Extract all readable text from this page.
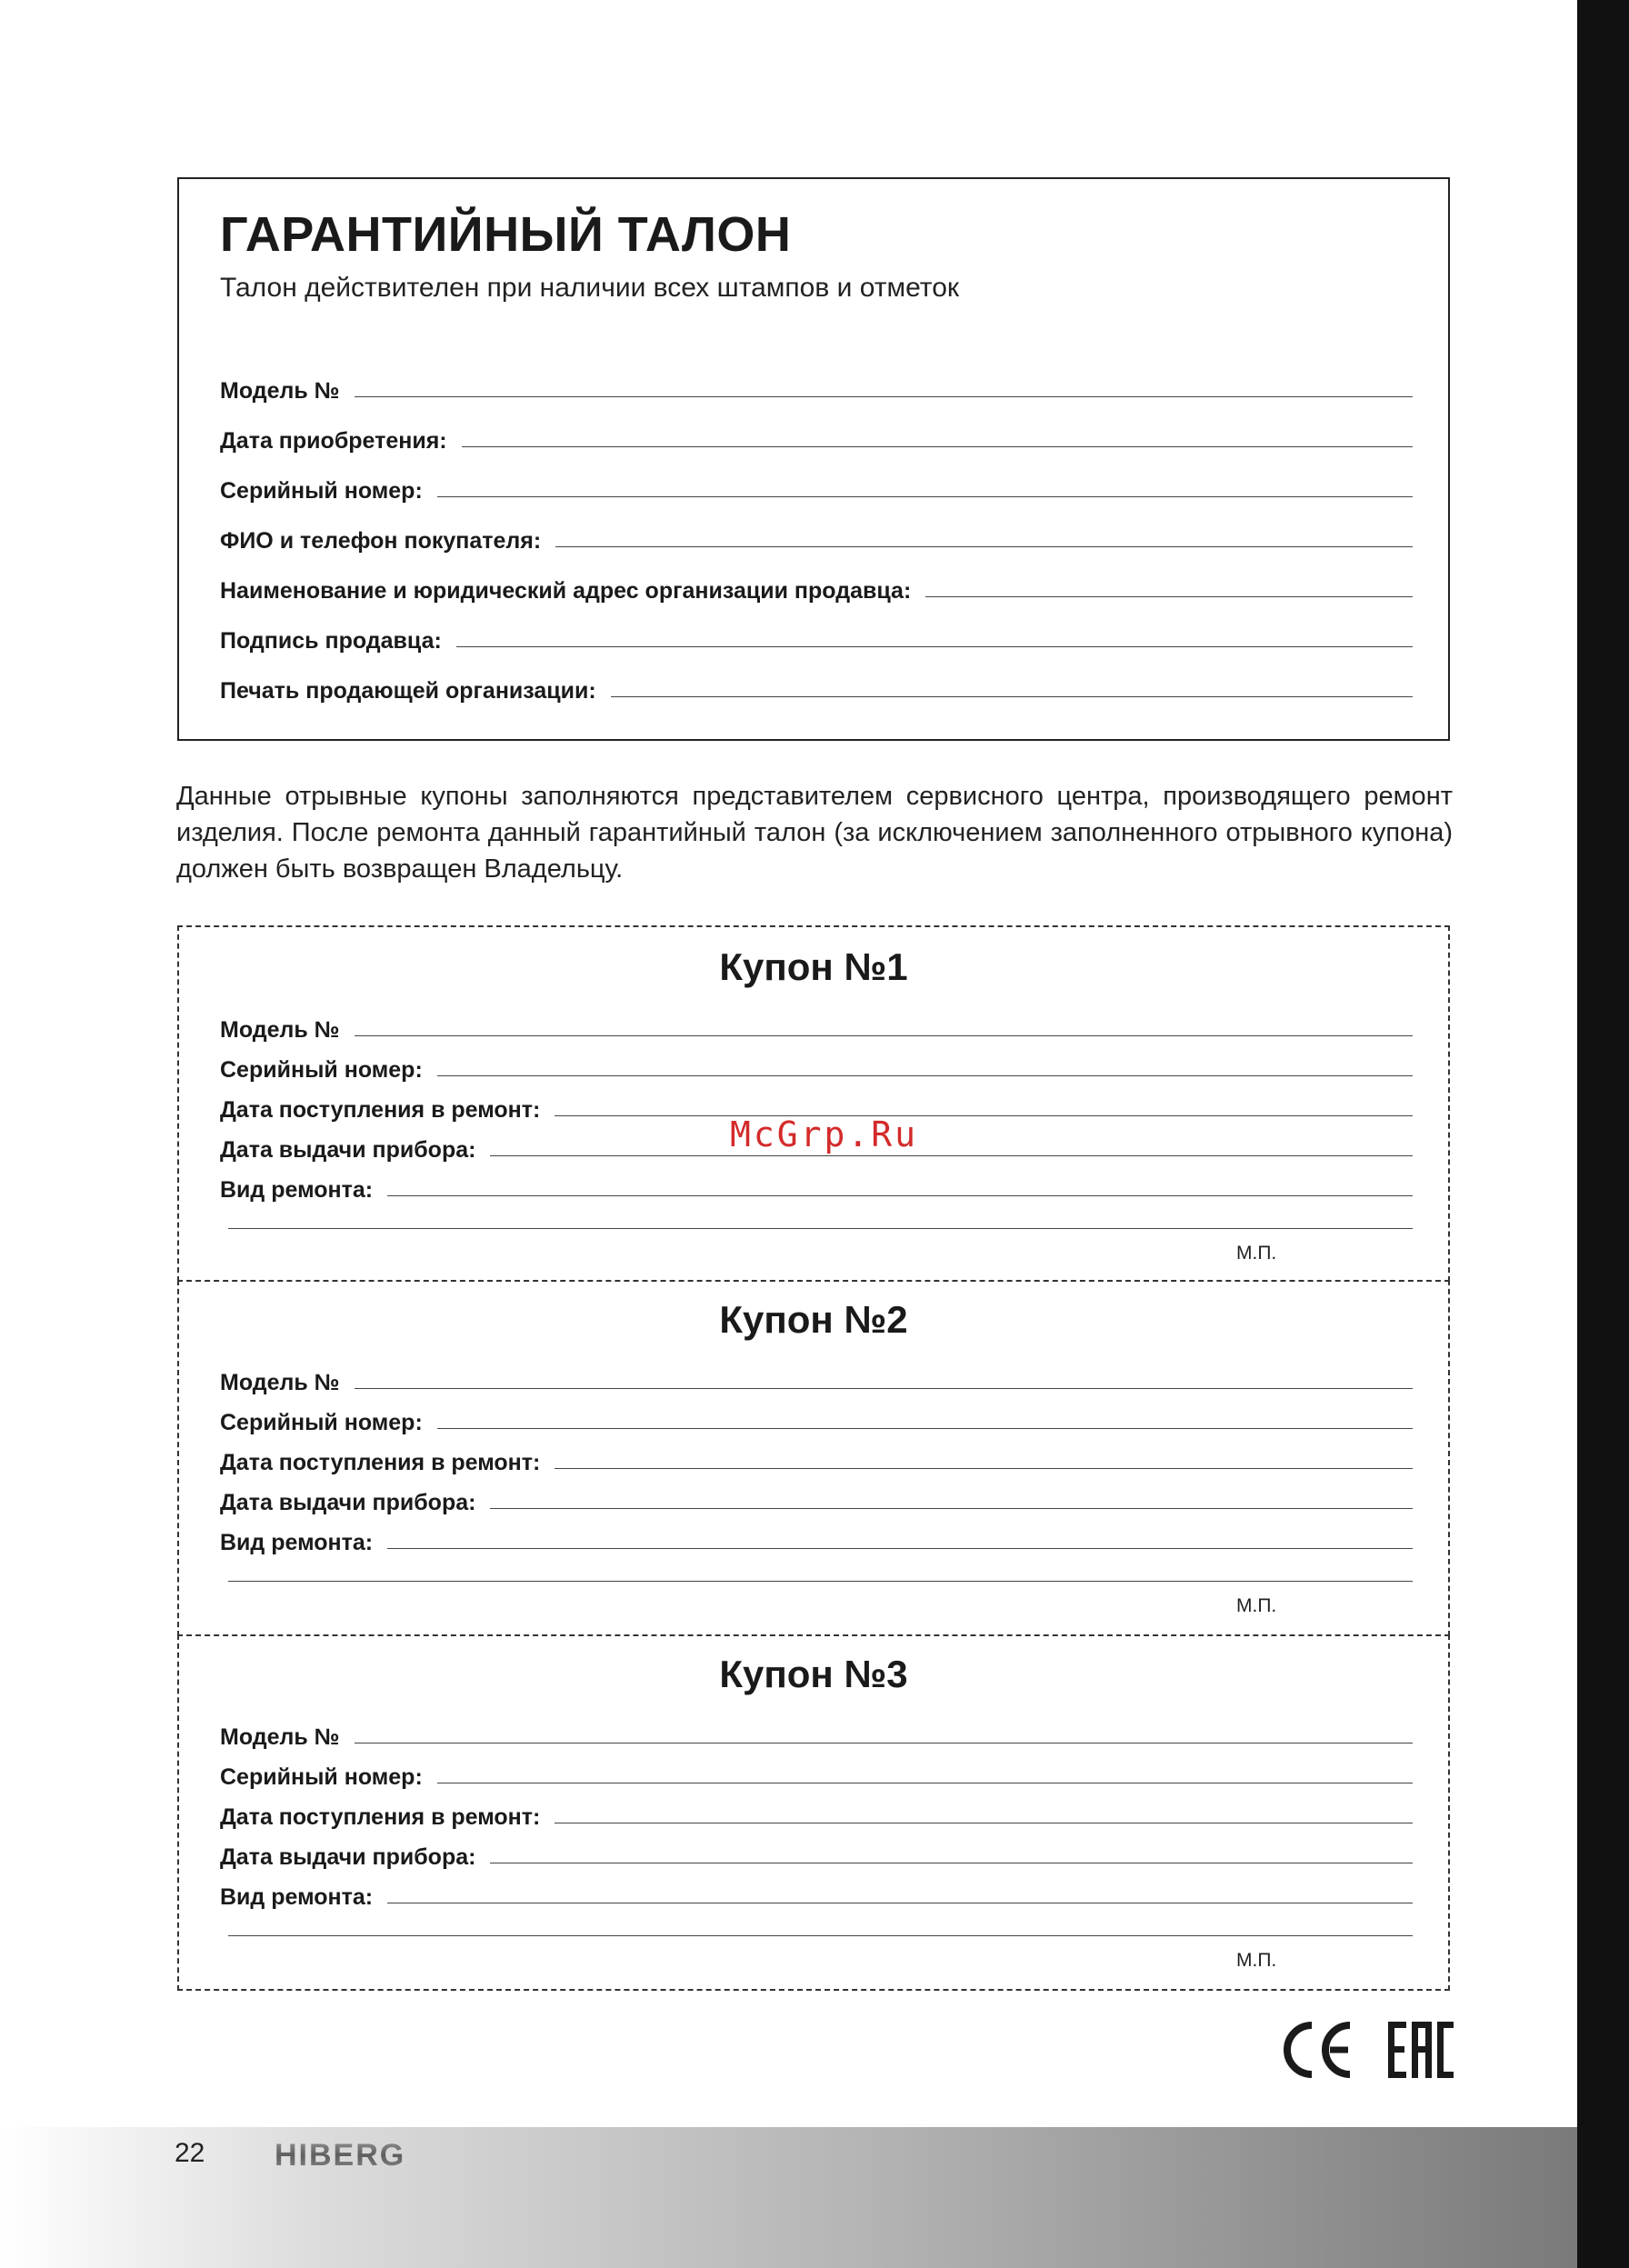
ГАРАНТИЙНЫЙ ТАЛОН
Талон действителен при наличии всех штампов и отметок
Модель №
Дата приобретения:
Серийный номер:
ФИО и телефон покупателя:
Наименование и юридический адрес организации продавца:
Подпись продавца:
Печать продающей организации:
Данные отрывные купоны заполняются представителем сервисного центра, производящего ремонт изделия. После ремонта данный гарантийный талон (за исключением заполненного отрывного купона) должен быть возвращен Владельцу.
Купон №1
Модель №
Серийный номер:
Дата поступления в ремонт:
Дата выдачи прибора:
Вид ремонта:
М.П.
Купон №2
Модель №
Серийный номер:
Дата поступления в ремонт:
Дата выдачи прибора:
Вид ремонта:
М.П.
Купон №3
Модель №
Серийный номер:
Дата поступления в ремонт:
Дата выдачи прибора:
Вид ремонта:
М.П.
McGrp.Ru
22 HIBERG
